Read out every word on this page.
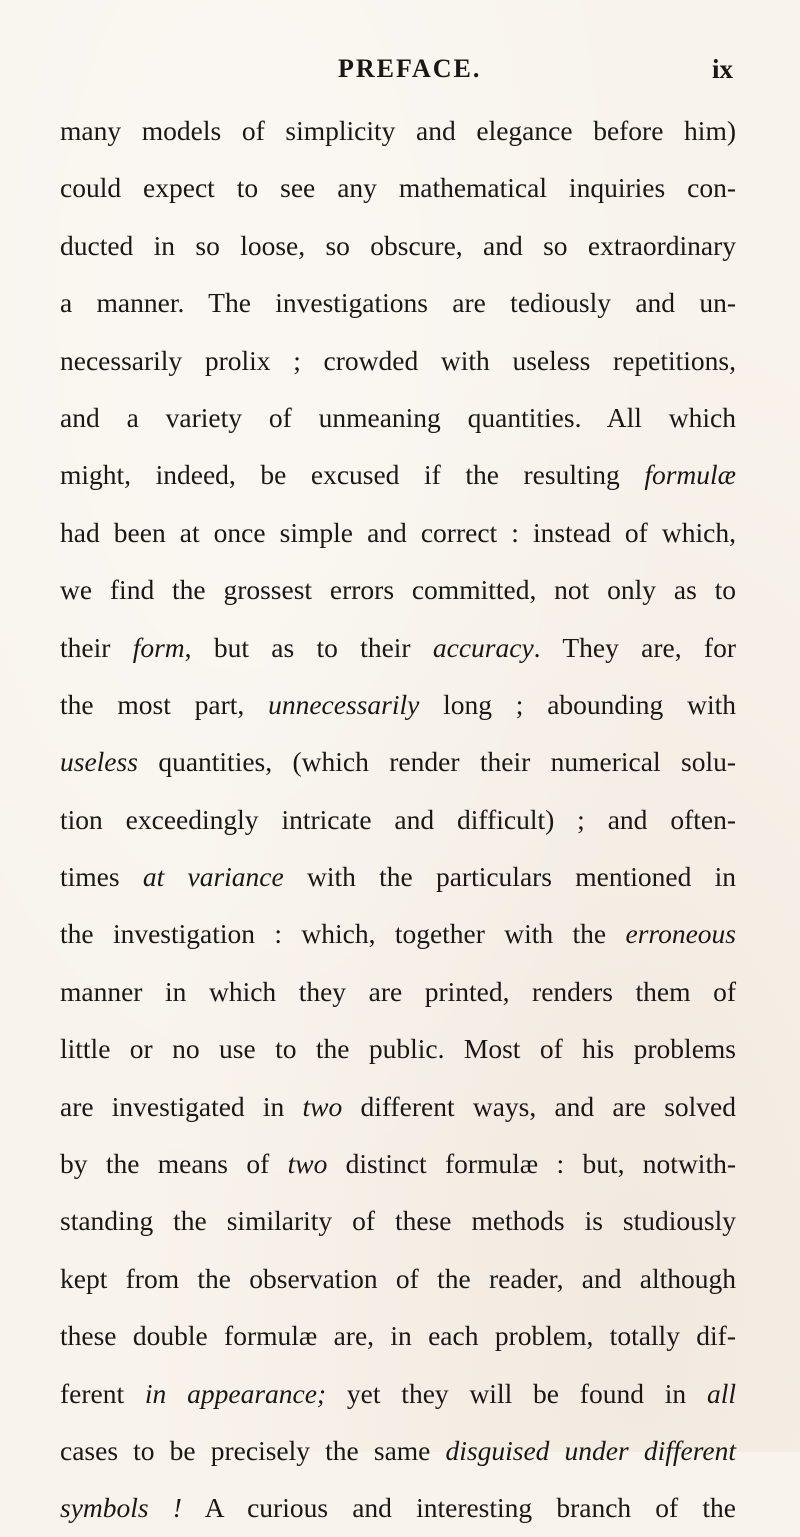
PREFACE.	ix
many models of simplicity and elegance before him)
could expect to see any mathematical inquiries con-
ducted in so loose, so obscure, and so extraordinary
a manner. The investigations are tediously and un-
necessarily prolix ; crowded with useless repetitions,
and a variety of unmeaning quantities. All which
might, indeed, be excused if the resulting formulæ
had been at once simple and correct : instead of which,
we find the grossest errors committed, not only as to
their form, but as to their accuracy. They are, for
the most part, unnecessarily long ; abounding with
useless quantities, (which render their numerical solu-
tion exceedingly intricate and difficult) ; and often-
times at variance with the particulars mentioned in
the investigation : which, together with the erroneous
manner in which they are printed, renders them of
little or no use to the public. Most of his problems
are investigated in two different ways, and are solved
by the means of two distinct formulæ : but, notwith-
standing the similarity of these methods is studiously
kept from the observation of the reader, and although
these double formulæ are, in each problem, totally dif-
ferent in appearance; yet they will be found in all
cases to be precisely the same disguised under different
symbols ! A curious and interesting branch of the
